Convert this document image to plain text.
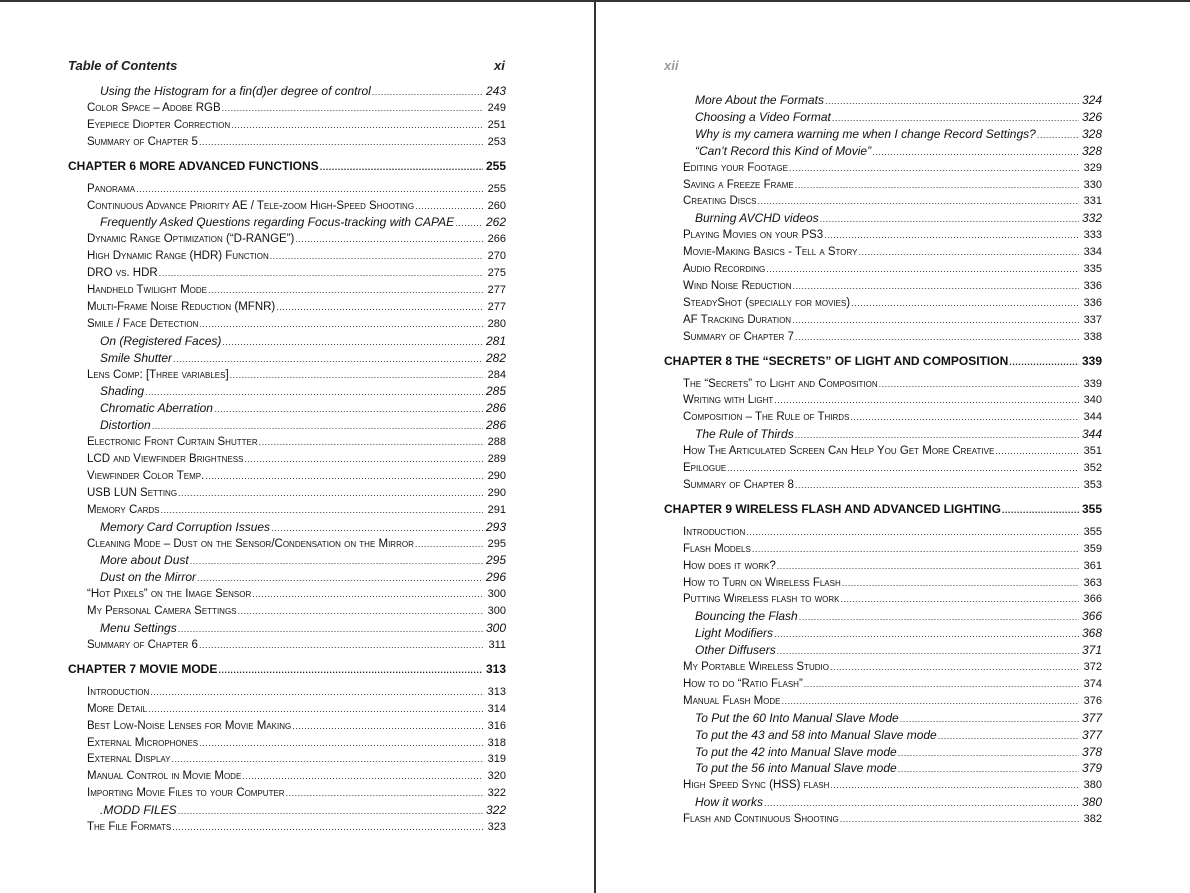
Table of Contents	xi
Using the Histogram for a fin(d)er degree of control .....	243
Color Space – Adobe RGB .....	249
Eyepiece Diopter Correction .....	251
Summary of Chapter 5 .....	253
CHAPTER 6 MORE ADVANCED FUNCTIONS .....	255
Panorama .....	255
Continuous Advance Priority AE / Tele-zoom High-Speed Shooting .....	260
Frequently Asked Questions regarding Focus-tracking with CAPAE .....	262
Dynamic Range Optimization (“D-RANGE”) .....	266
High Dynamic Range (HDR) Function .....	270
DRO vs. HDR .....	275
Handheld Twilight Mode .....	277
Multi-Frame Noise Reduction (MFNR) .....	277
Smile / Face Detection .....	280
On (Registered Faces) .....	281
Smile Shutter .....	282
Lens Comp: [Three variables] .....	284
Shading .....	285
Chromatic Aberration .....	286
Distortion .....	286
Electronic Front Curtain Shutter .....	288
LCD and Viewfinder Brightness .....	289
Viewfinder Color Temp. .....	290
USB LUN Setting .....	290
Memory Cards .....	291
Memory Card Corruption Issues .....	293
Cleaning Mode – Dust on the Sensor/Condensation on the Mirror .....	295
More about Dust .....	295
Dust on the Mirror .....	296
“Hot Pixels” on the Image Sensor .....	300
My Personal Camera Settings .....	300
Menu Settings .....	300
Summary of Chapter 6 .....	311
CHAPTER 7 MOVIE MODE .....	313
Introduction .....	313
More Detail .....	314
Best Low-Noise Lenses for Movie Making .....	316
External Microphones .....	318
External Display .....	319
Manual Control in Movie Mode .....	320
Importing Movie Files to your Computer .....	322
.MODD FILES .....	322
The File Formats .....	323
xii
More About the Formats .....	324
Choosing a Video Format .....	326
Why is my camera warning me when I change Record Settings? .....	328
“Can’t Record this Kind of Movie” .....	328
Editing your Footage .....	329
Saving a Freeze Frame .....	330
Creating Discs .....	331
Burning AVCHD videos .....	332
Playing Movies on your PS3 .....	333
Movie-Making Basics - Tell a Story .....	334
Audio Recording .....	335
Wind Noise Reduction .....	336
SteadyShot (specially for movies) .....	336
AF Tracking Duration .....	337
Summary of Chapter 7 .....	338
CHAPTER 8 THE “SECRETS” OF LIGHT AND COMPOSITION .....	339
The “Secrets” to Light and Composition .....	339
Writing with Light .....	340
Composition – The Rule of Thirds .....	344
The Rule of Thirds .....	344
How The Articulated Screen Can Help You Get More Creative .....	351
Epilogue .....	352
Summary of Chapter 8 .....	353
CHAPTER 9 WIRELESS FLASH AND ADVANCED LIGHTING .....	355
Introduction .....	355
Flash Models .....	359
How does it work? .....	361
How to Turn on Wireless Flash .....	363
Putting Wireless flash to work .....	366
Bouncing the Flash .....	366
Light Modifiers .....	368
Other Diffusers .....	371
My Portable Wireless Studio .....	372
How to do “Ratio Flash” .....	374
Manual Flash Mode .....	376
To Put the 60 Into Manual Slave Mode .....	377
To put the 43 and 58 into Manual Slave mode .....	377
To put the 42 into Manual Slave mode .....	378
To put the 56 into Manual Slave mode .....	379
High Speed Sync (HSS) flash .....	380
How it works .....	380
Flash and Continuous Shooting .....	382
